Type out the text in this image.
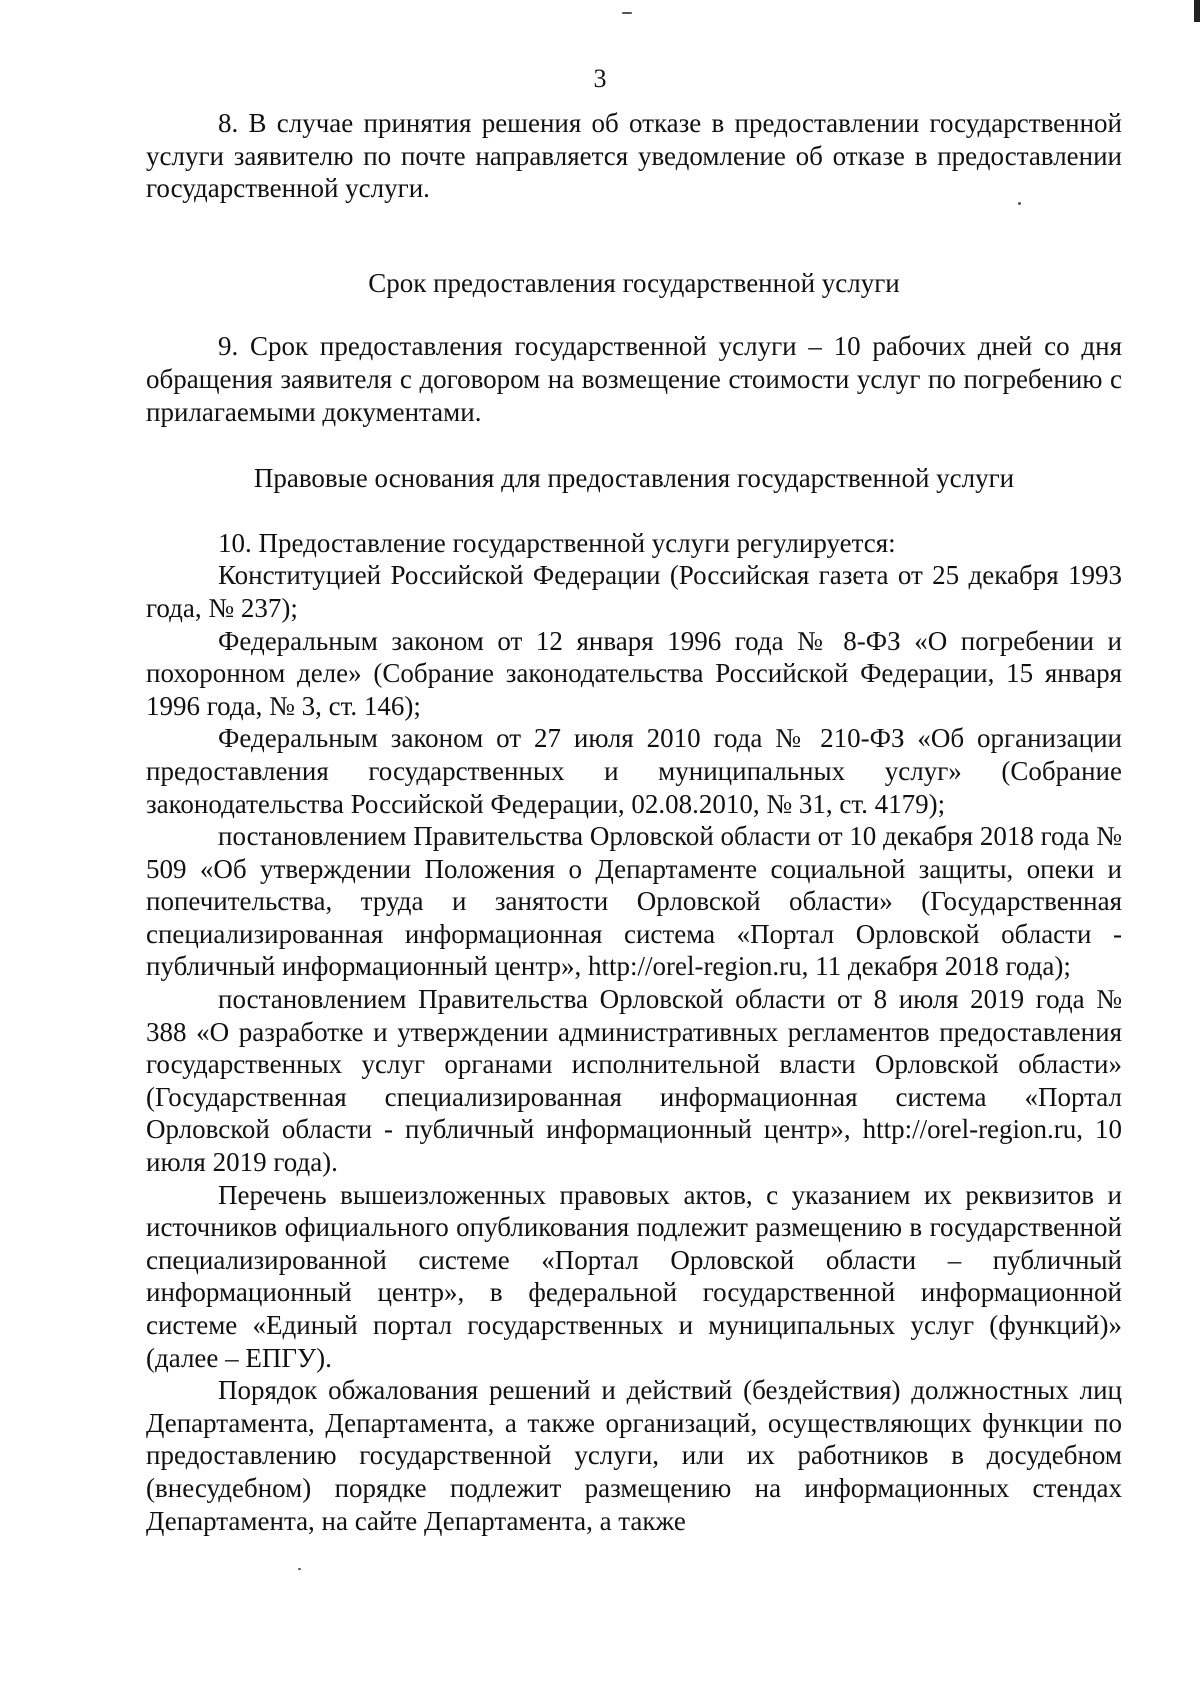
3

8. В случае принятия решения об отказе в предоставлении государственной услуги заявителю по почте направляется уведомление об отказе в предоставлении государственной услуги.

Срок предоставления государственной услуги

9. Срок предоставления государственной услуги – 10 рабочих дней со дня обращения заявителя с договором на возмещение стоимости услуг по погребению с прилагаемыми документами.

Правовые основания для предоставления государственной услуги

10. Предоставление государственной услуги регулируется:

Конституцией Российской Федерации (Российская газета от 25 декабря 1993 года, № 237);

Федеральным законом от 12 января 1996 года № 8-ФЗ «О погребении и похоронном деле» (Собрание законодательства Российской Федерации, 15 января 1996 года, № 3, ст. 146);

Федеральным законом от 27 июля 2010 года № 210-ФЗ «Об организации предоставления государственных и муниципальных услуг» (Собрание законодательства Российской Федерации, 02.08.2010, № 31, ст. 4179);

постановлением Правительства Орловской области от 10 декабря 2018 года № 509 «Об утверждении Положения о Департаменте социальной защиты, опеки и попечительства, труда и занятости Орловской области» (Государственная специализированная информационная система «Портал Орловской области - публичный информационный центр», http://orel-region.ru, 11 декабря 2018 года);

постановлением Правительства Орловской области от 8 июля 2019 года № 388 «О разработке и утверждении административных регламентов предоставления государственных услуг органами исполнительной власти Орловской области» (Государственная специализированная информационная система «Портал Орловской области - публичный информационный центр», http://orel-region.ru, 10 июля 2019 года).

Перечень вышеизложенных правовых актов, с указанием их реквизитов и источников официального опубликования подлежит размещению в государственной специализированной системе «Портал Орловской области – публичный информационный центр», в федеральной государственной информационной системе «Единый портал государственных и муниципальных услуг (функций)» (далее – ЕПГУ).

Порядок обжалования решений и действий (бездействия) должностных лиц Департамента, Департамента, а также организаций, осуществляющих функции по предоставлению государственной услуги, или их работников в досудебном (внесудебном) порядке подлежит размещению на информационных стендах Департамента, на сайте Департамента, а также
